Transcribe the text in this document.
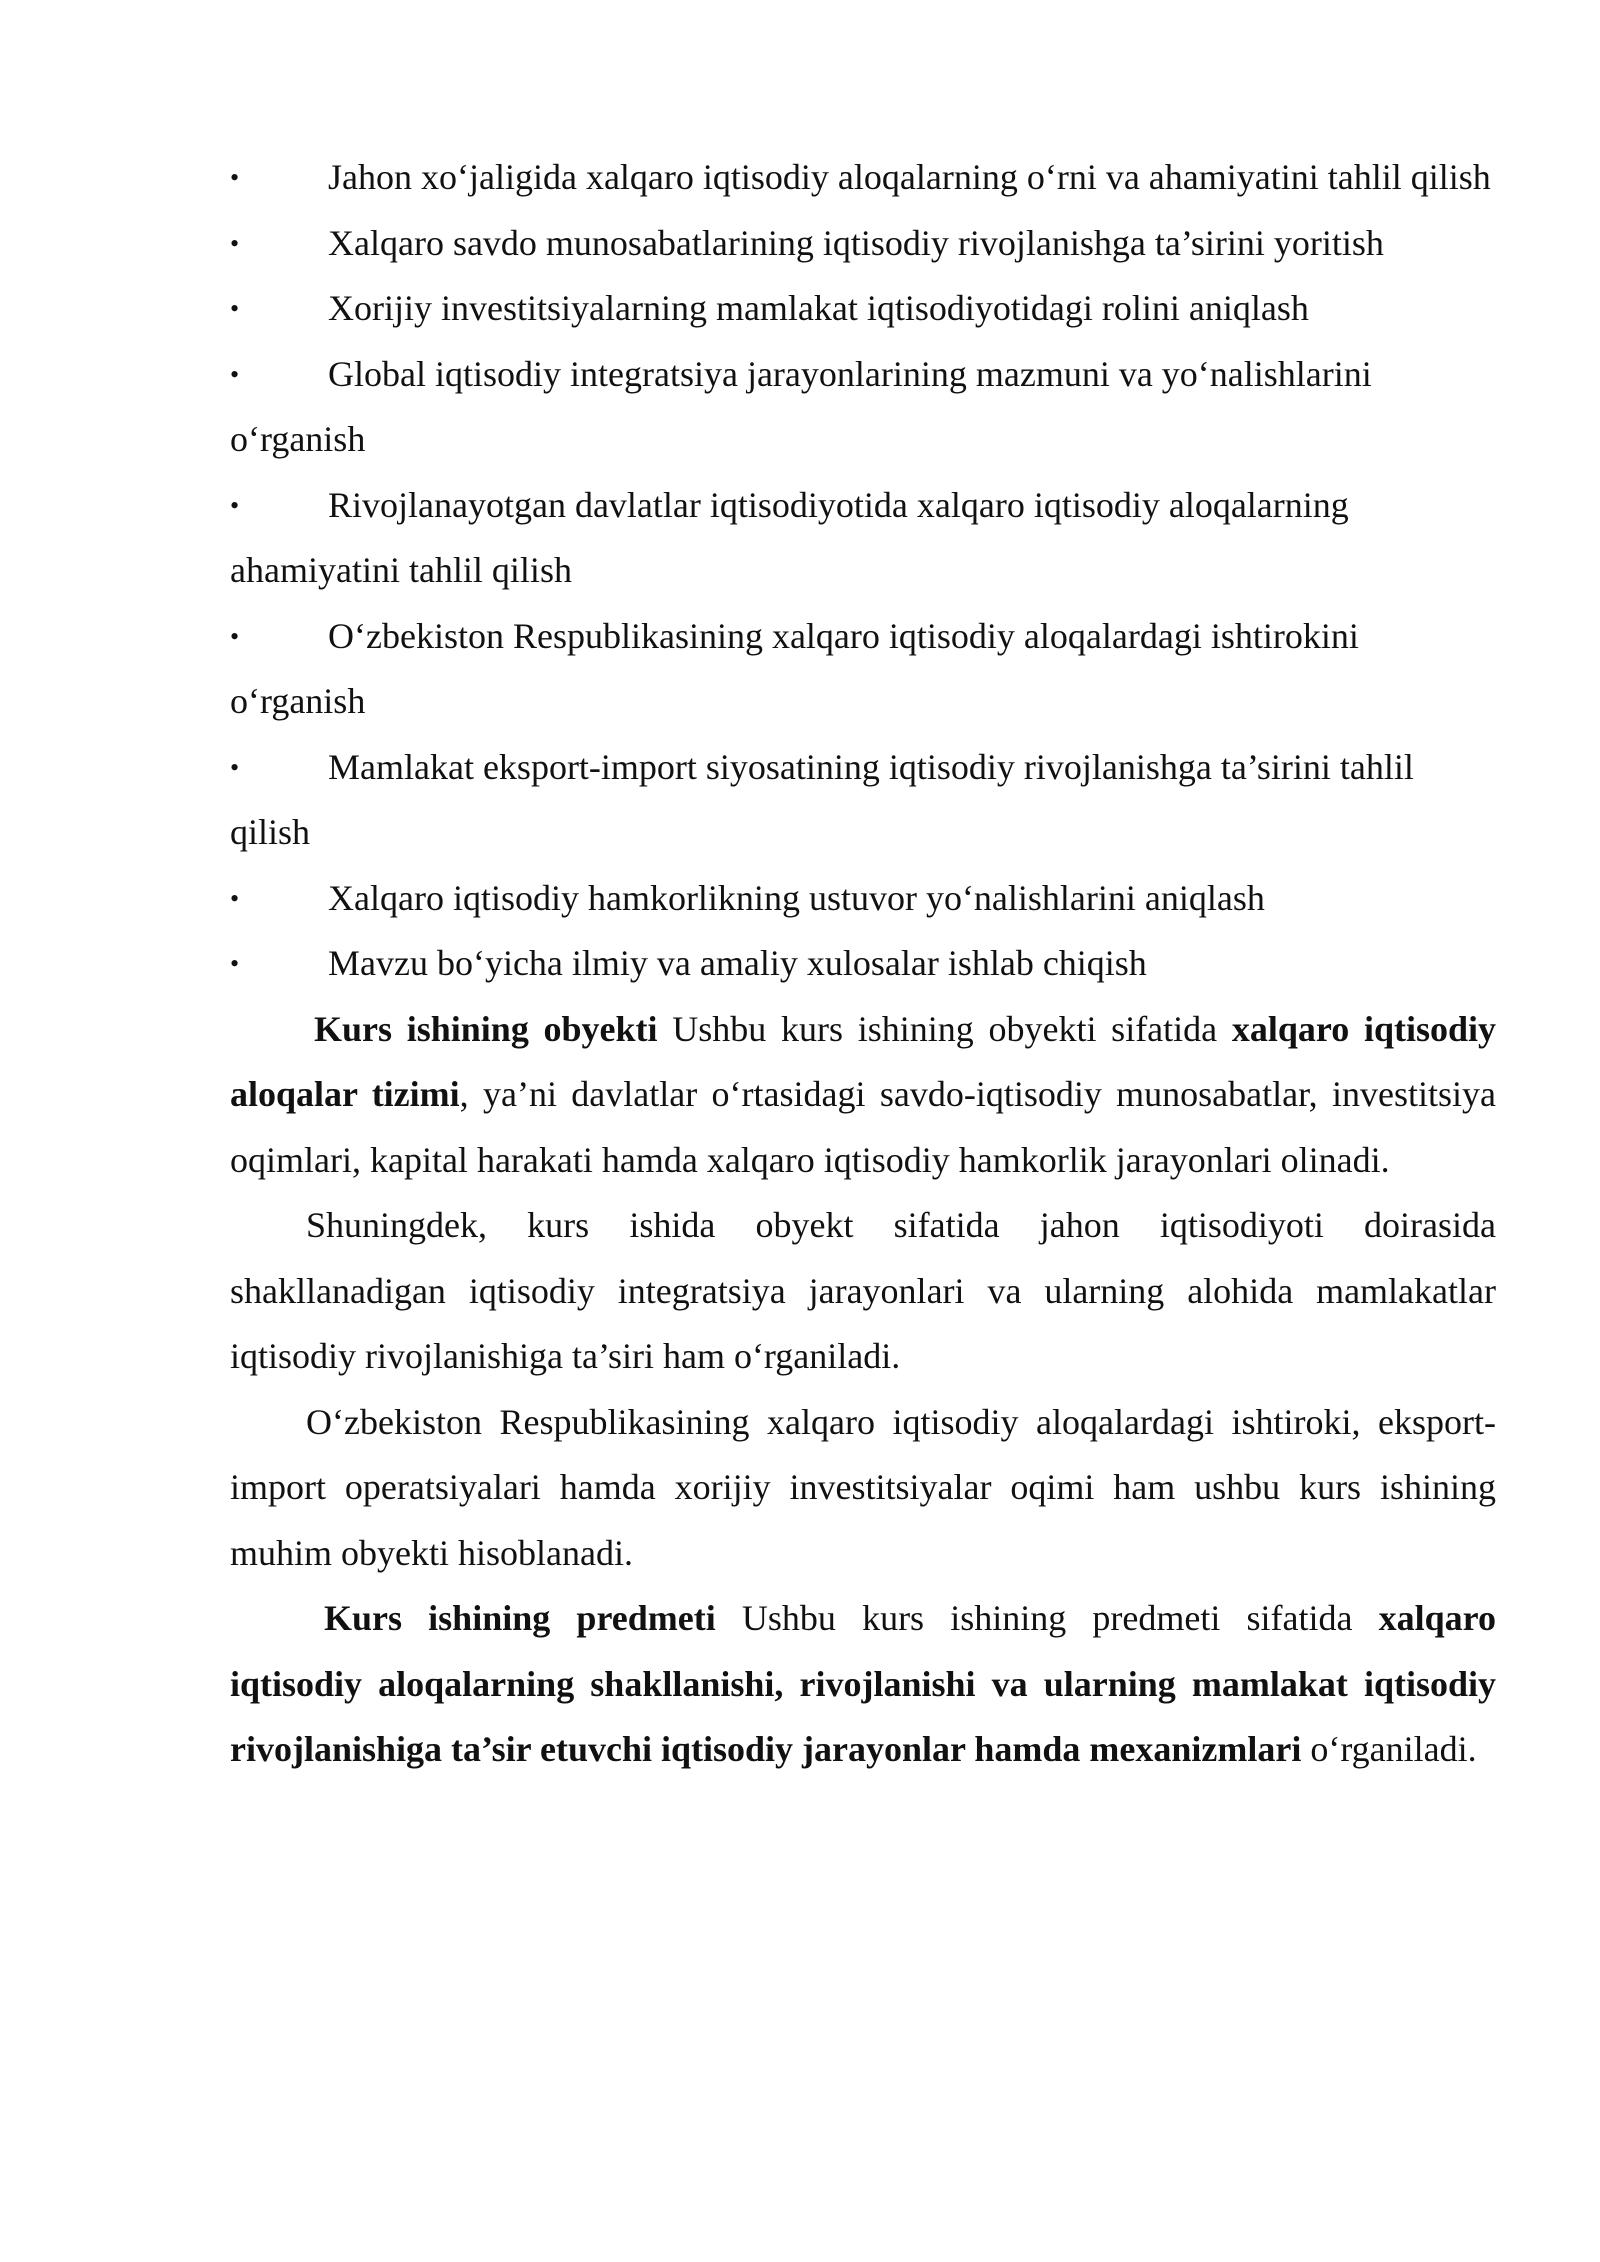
•	Jahon xo‘jaligida xalqaro iqtisodiy aloqalarning o‘rni va ahamiyatini tahlil qilish
•	Xalqaro savdo munosabatlarining iqtisodiy rivojlanishga ta’sirini yoritish
•	Xorijiy investitsiyalarning mamlakat iqtisodiyotidagi rolini aniqlash
•	Global iqtisodiy integratsiya jarayonlarining mazmuni va yo‘nalishlarini o‘rganish
•	Rivojlanayotgan davlatlar iqtisodiyotida xalqaro iqtisodiy aloqalarning ahamiyatini tahlil qilish
•	O‘zbekiston Respublikasining xalqaro iqtisodiy aloqalardagi ishtirokini o‘rganish
•	Mamlakat eksport-import siyosatining iqtisodiy rivojlanishga ta’sirini tahlil qilish
•	Xalqaro iqtisodiy hamkorlikning ustuvor yo‘nalishlarini aniqlash
•	Mavzu bo‘yicha ilmiy va amaliy xulosalar ishlab chiqish

Kurs ishining obyekti Ushbu kurs ishining obyekti sifatida xalqaro iqtisodiy aloqalar tizimi, ya’ni davlatlar o‘rtasidagi savdo-iqtisodiy munosabatlar, investitsiya oqimlari, kapital harakati hamda xalqaro iqtisodiy hamkorlik jarayonlari olinadi.

Shuningdek, kurs ishida obyekt sifatida jahon iqtisodiyoti doirasida shakllanadigan iqtisodiy integratsiya jarayonlari va ularning alohida mamlakatlar iqtisodiy rivojlanishiga ta’siri ham o‘rganiladi.

O‘zbekiston Respublikasining xalqaro iqtisodiy aloqalardagi ishtiroki, eksport-import operatsiyalari hamda xorijiy investitsiyalar oqimi ham ushbu kurs ishining muhim obyekti hisoblanadi.

Kurs ishining predmeti Ushbu kurs ishining predmeti sifatida xalqaro iqtisodiy aloqalarning shakllanishi, rivojlanishi va ularning mamlakat iqtisodiy rivojlanishiga ta’sir etuvchi iqtisodiy jarayonlar hamda mexanizmlari o‘rganiladi.
